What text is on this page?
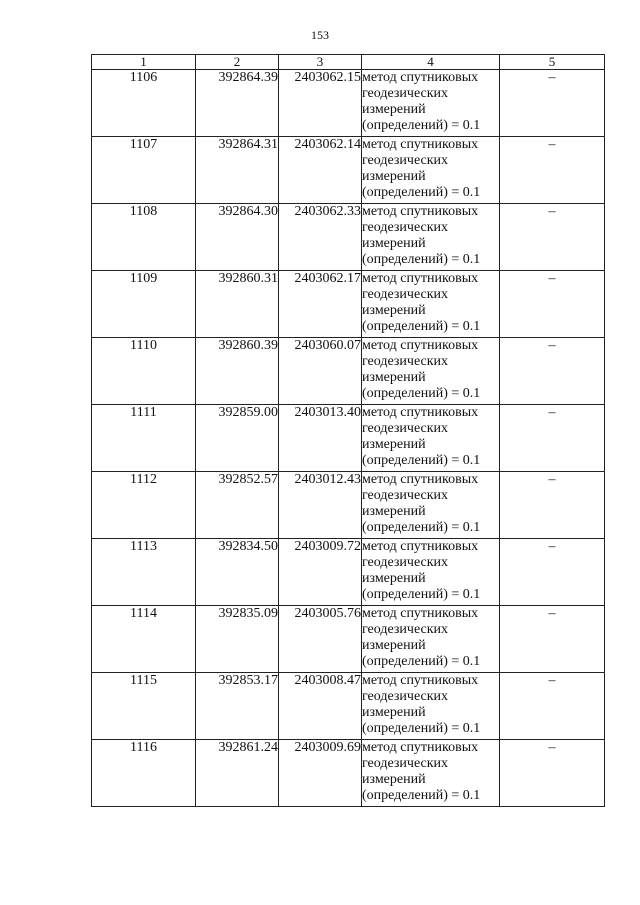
153
1	2	3	4	5
1106	392864.39	2403062.15	метод спутниковых
геодезических
измерений
(определений) = 0.1	–
1107	392864.31	2403062.14	метод спутниковых
геодезических
измерений
(определений) = 0.1	–
1108	392864.30	2403062.33	метод спутниковых
геодезических
измерений
(определений) = 0.1	–
1109	392860.31	2403062.17	метод спутниковых
геодезических
измерений
(определений) = 0.1	–
1110	392860.39	2403060.07	метод спутниковых
геодезических
измерений
(определений) = 0.1	–
1111	392859.00	2403013.40	метод спутниковых
геодезических
измерений
(определений) = 0.1	–
1112	392852.57	2403012.43	метод спутниковых
геодезических
измерений
(определений) = 0.1	–
1113	392834.50	2403009.72	метод спутниковых
геодезических
измерений
(определений) = 0.1	–
1114	392835.09	2403005.76	метод спутниковых
геодезических
измерений
(определений) = 0.1	–
1115	392853.17	2403008.47	метод спутниковых
геодезических
измерений
(определений) = 0.1	–
1116	392861.24	2403009.69	метод спутниковых
геодезических
измерений
(определений) = 0.1	–
